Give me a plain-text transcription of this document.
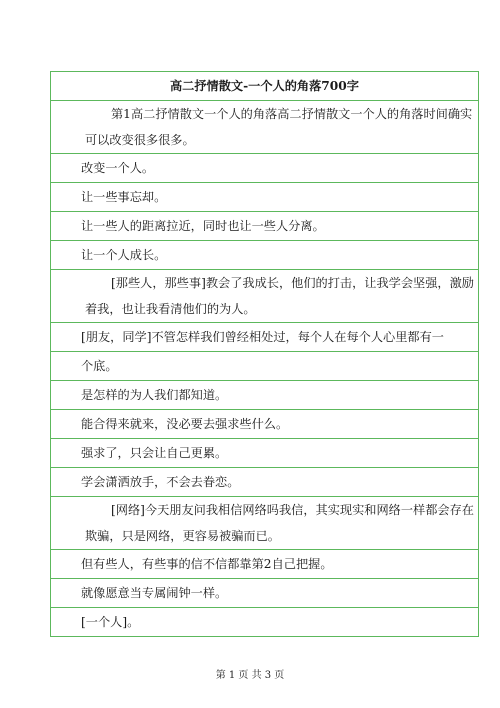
高二抒情散文-一个人的角落700字

第1高二抒情散文一个人的角落高二抒情散文一个人的角落时间确实
可以改变很多很多。

改变一个人。
让一些事忘却。
让一些人的距离拉近，同时也让一些人分离。
让一个人成长。

[那些人，那些事]教会了我成长，他们的打击，让我学会坚强，激励
着我，也让我看清他们的为人。

[朋友，同学]不管怎样我们曾经相处过，每个人在每个人心里都有一
个底。
是怎样的为人我们都知道。
能合得来就来，没必要去强求些什么。
强求了，只会让自己更累。
学会潇洒放手，不会去眷恋。

[网络]今天朋友问我相信网络吗我信，其实现实和网络一样都会存在
欺骗，只是网络，更容易被骗而已。

但有些人，有些事的信不信都靠第2自己把握。
就像愿意当专属闹钟一样。
[一个人]。
第 1 页 共 3 页
